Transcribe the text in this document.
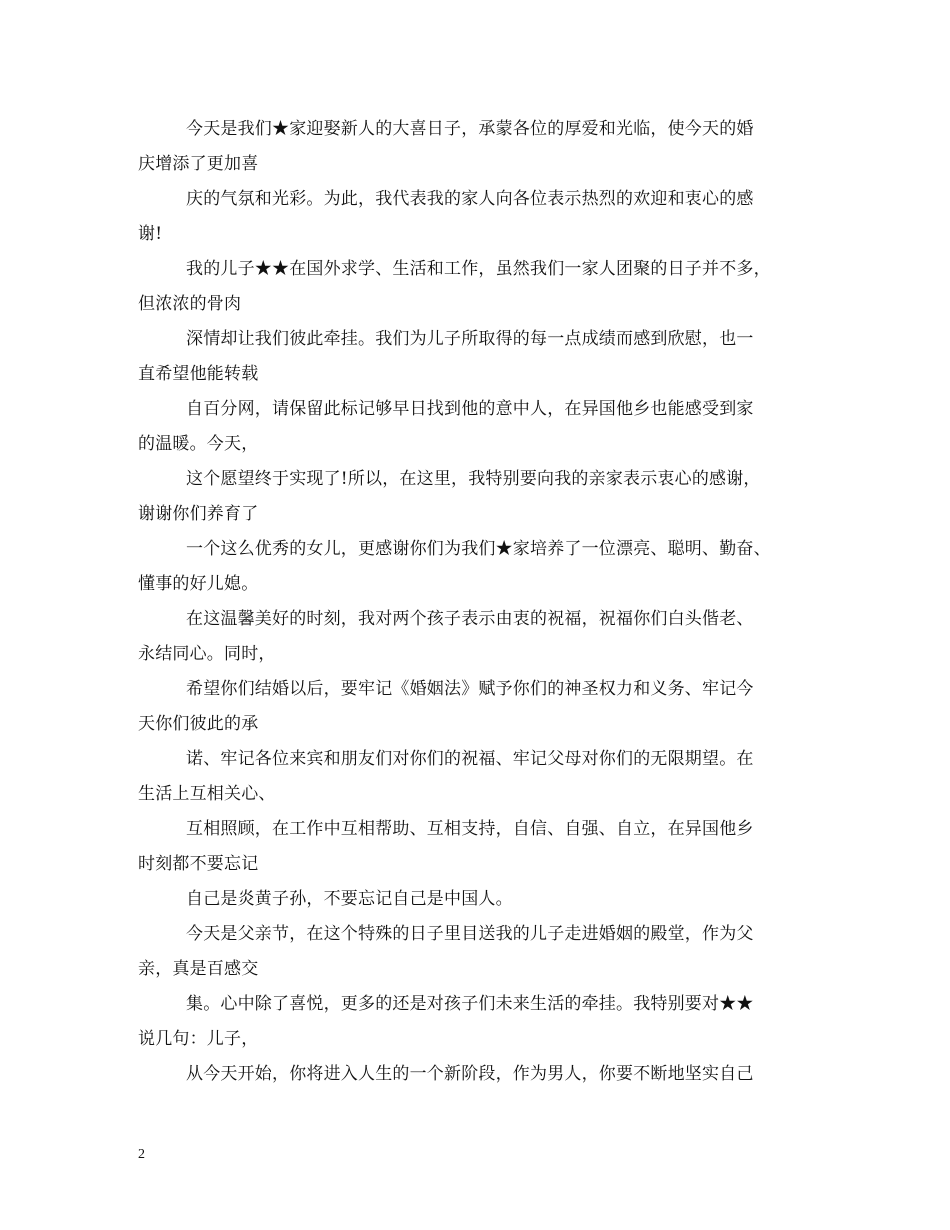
今天是我们★家迎娶新人的大喜日子，承蒙各位的厚爱和光临，使今天的婚
庆增添了更加喜

庆的气氛和光彩。为此，我代表我的家人向各位表示热烈的欢迎和衷心的感
谢!

我的儿子★★在国外求学、生活和工作，虽然我们一家人团聚的日子并不多，
但浓浓的骨肉

深情却让我们彼此牵挂。我们为儿子所取得的每一点成绩而感到欣慰，也一
直希望他能转载

自百分网，请保留此标记够早日找到他的意中人，在异国他乡也能感受到家
的温暖。今天，

这个愿望终于实现了!所以，在这里，我特别要向我的亲家表示衷心的感谢，
谢谢你们养育了

一个这么优秀的女儿，更感谢你们为我们★家培养了一位漂亮、聪明、勤奋、
懂事的好儿媳。

在这温馨美好的时刻，我对两个孩子表示由衷的祝福，祝福你们白头偕老、
永结同心。同时，

希望你们结婚以后，要牢记《婚姻法》赋予你们的神圣权力和义务、牢记今
天你们彼此的承

诺、牢记各位来宾和朋友们对你们的祝福、牢记父母对你们的无限期望。在
生活上互相关心、

互相照顾，在工作中互相帮助、互相支持，自信、自强、自立，在异国他乡
时刻都不要忘记

自己是炎黄子孙，不要忘记自己是中国人。

今天是父亲节，在这个特殊的日子里目送我的儿子走进婚姻的殿堂，作为父
亲，真是百感交

集。心中除了喜悦，更多的还是对孩子们未来生活的牵挂。我特别要对★★
说几句：儿子，

从今天开始，你将进入人生的一个新阶段，作为男人，你要不断地坚实自己

2
